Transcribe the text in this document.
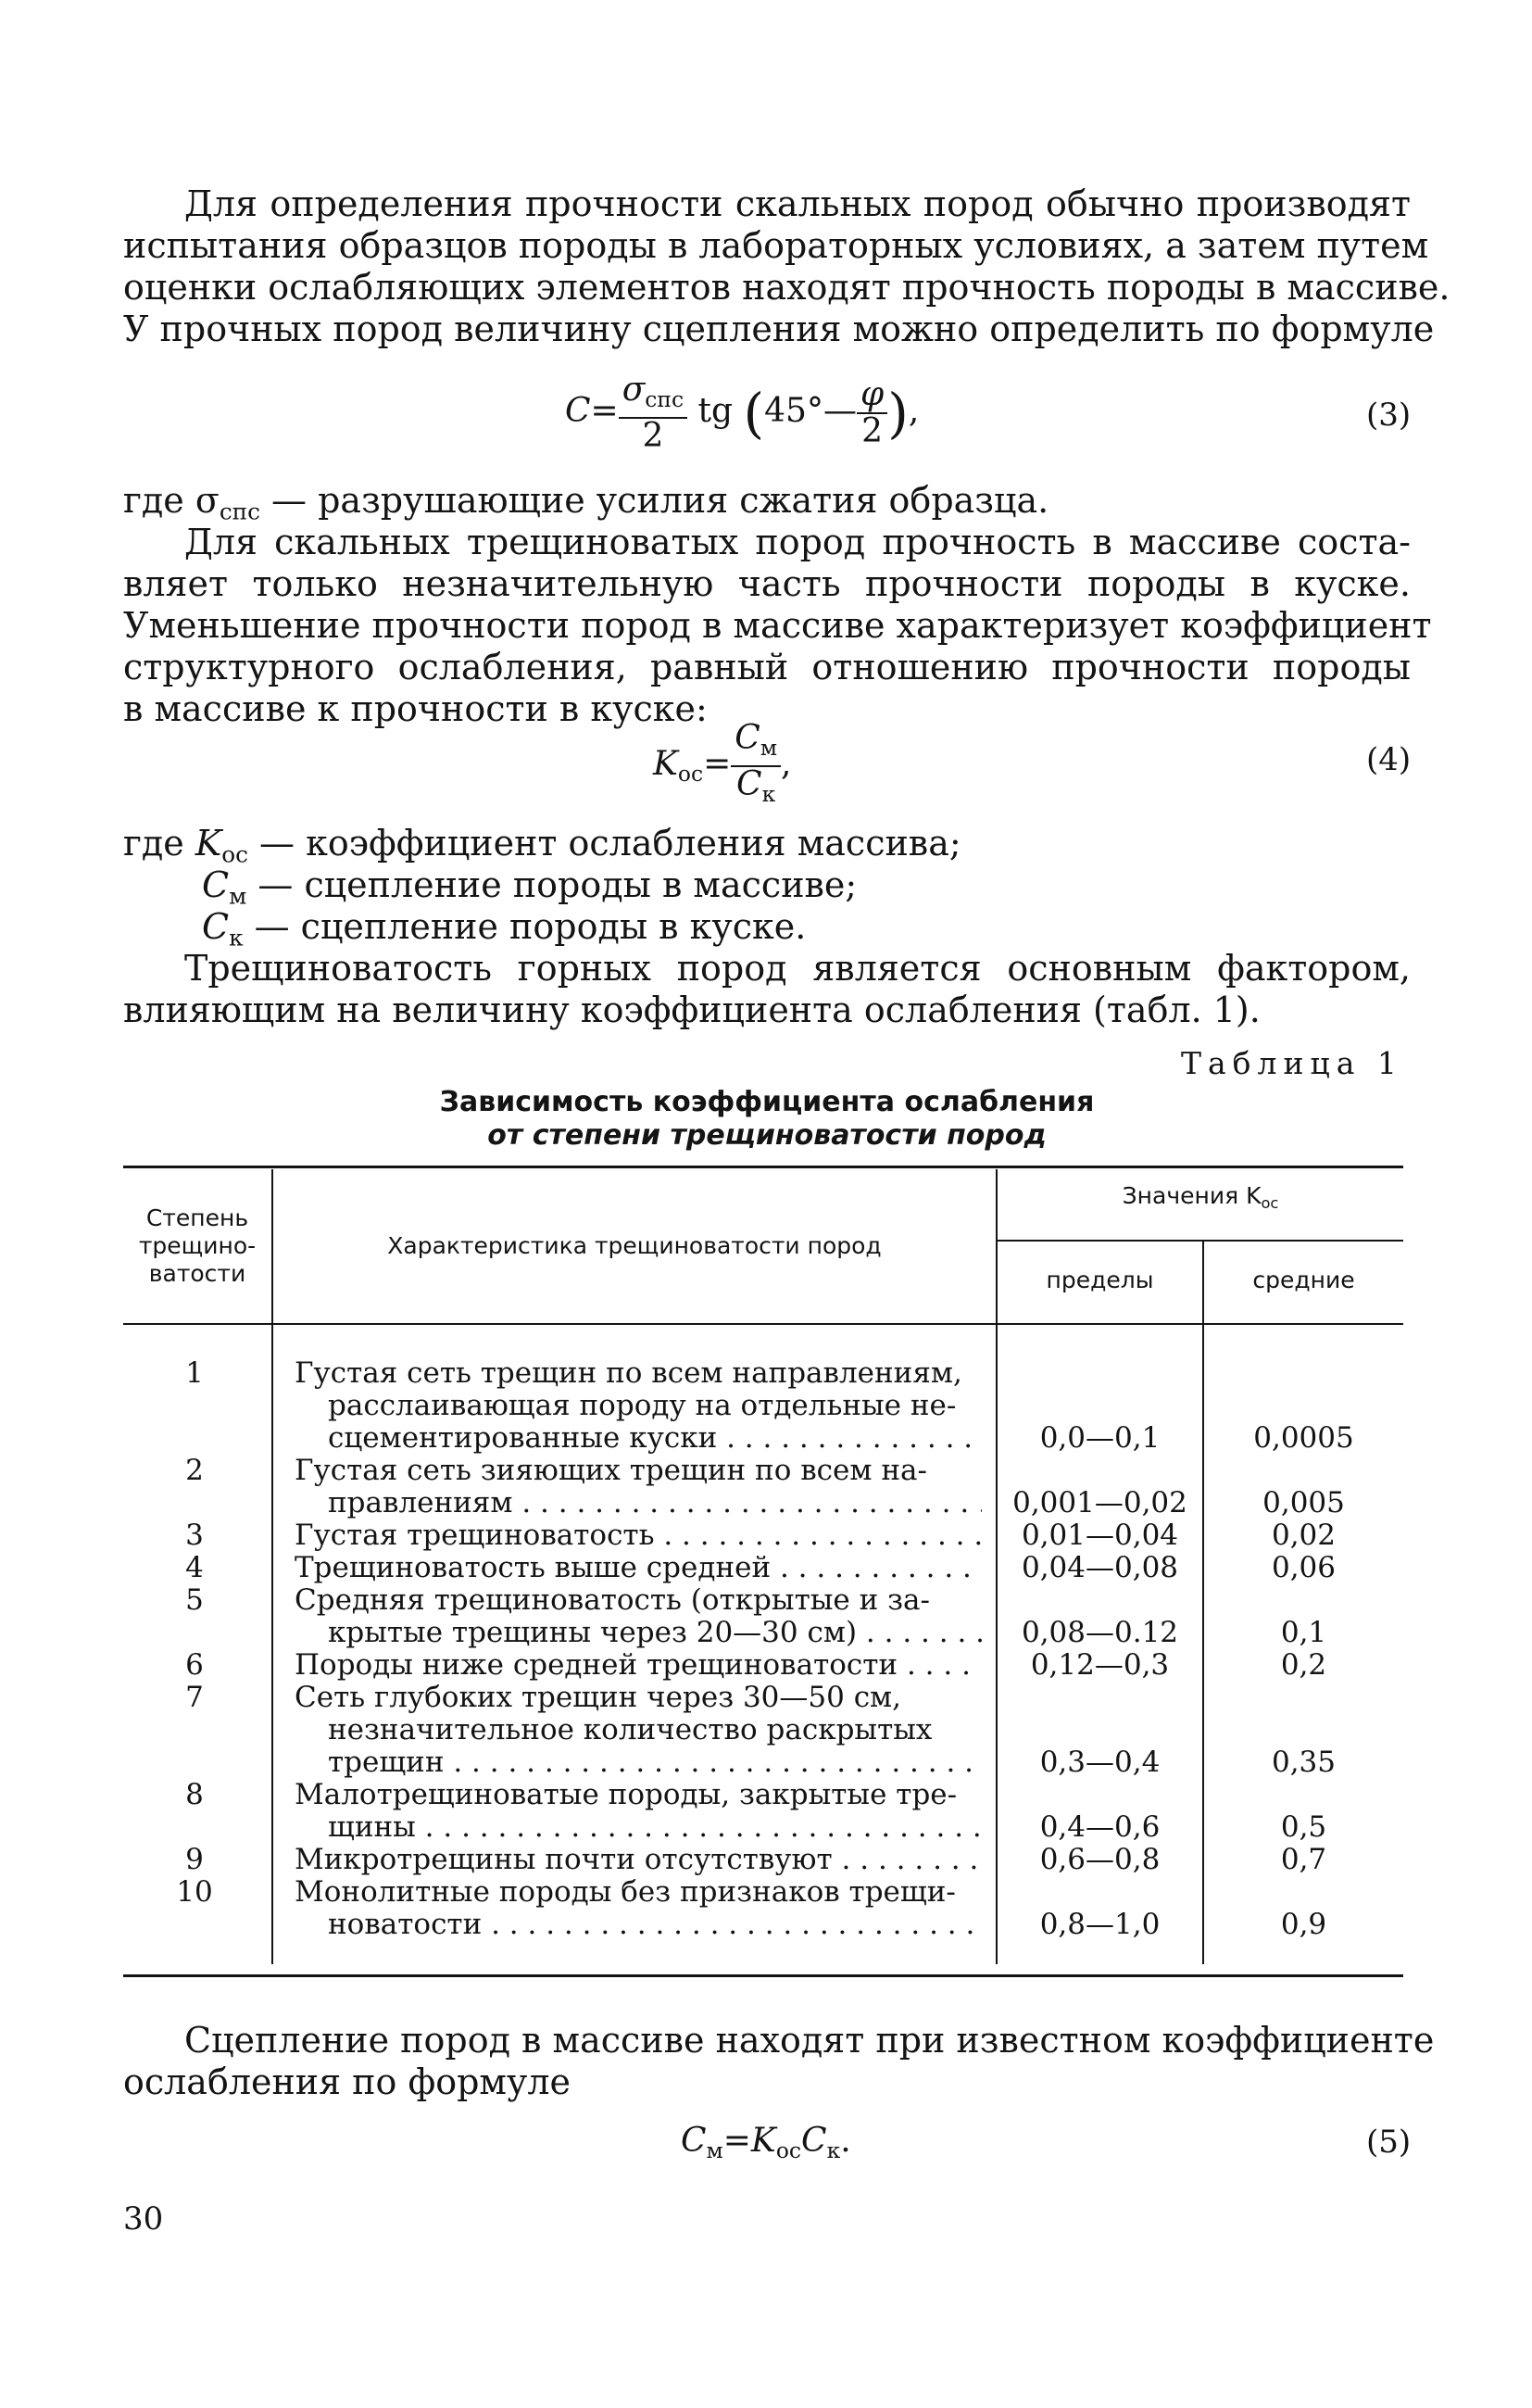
Для определения прочности скальных пород обычно производят
испытания образцов породы в лабораторных условиях, а затем путем
оценки ослабляющих элементов находят прочность породы в массиве.
У прочных пород величину сцепления можно определить по формуле
$C= \frac{\sigma_{спс}}{2}$ tg (45°— $\frac{\varphi}{2}$ ),	(3)
где $\sigma_{спс}$ — разрушающие усилия сжатия образца.
Для скальных трещиноватых пород прочность в массиве соста-
вляет только незначительную часть прочности породы в куске.
Уменьшение прочности пород в массиве характеризует коэффициент
структурного ослабления, равный отношению прочности породы
в массиве к прочности в куске:
$K_{ос}= \frac{C_м}{C_к}$ ,	(4)
где $K_{ос}$ — коэффициент ослабления массива;
$C_м$ — сцепление породы в массиве;
$C_к$ — сцепление породы в куске.
Трещиноватость горных пород является основным фактором,
влияющим на величину коэффициента ослабления (табл. 1).
Таблица 1
Зависимость коэффициента ослабления
от степени трещиноватости пород
Степень
трещино-
ватости
Характеристика трещиноватости пород
Значения $K_{ос}$
пределы	средние
1	Густая сеть трещин по всем направлениям,
расслаивающая породу на отдельные не-
сцементированные куски . . .	0,0—0,1	0,0005
2	Густая сеть зияющих трещин по всем на-
правлениям . . .	0,001—0,02	0,005
3	Густая трещиноватость . . .	0,01—0,04	0,02
4	Трещиноватость выше средней . . .	0,04—0,08	0,06
5	Средняя трещиноватость (открытые и за-
крытые трещины через 20—30 см) . . .	0,08—0.12	0,1
6	Породы ниже средней трещиноватости . . .	0,12—0,3	0,2
7	Сеть глубоких трещин через 30—50 см,
незначительное количество раскрытых
трещин . . .	0,3—0,4	0,35
8	Малотрещиноватые породы, закрытые тре-
щины . . .	0,4—0,6	0,5
9	Микротрещины почти отсутствуют . . .	0,6—0,8	0,7
10	Монолитные породы без признаков трещи-
новатости . . .	0,8—1,0	0,9
Сцепление пород в массиве находят при известном коэффициенте
ослабления по формуле
$C_м=K_{ос}C_к$.	(5)
30
